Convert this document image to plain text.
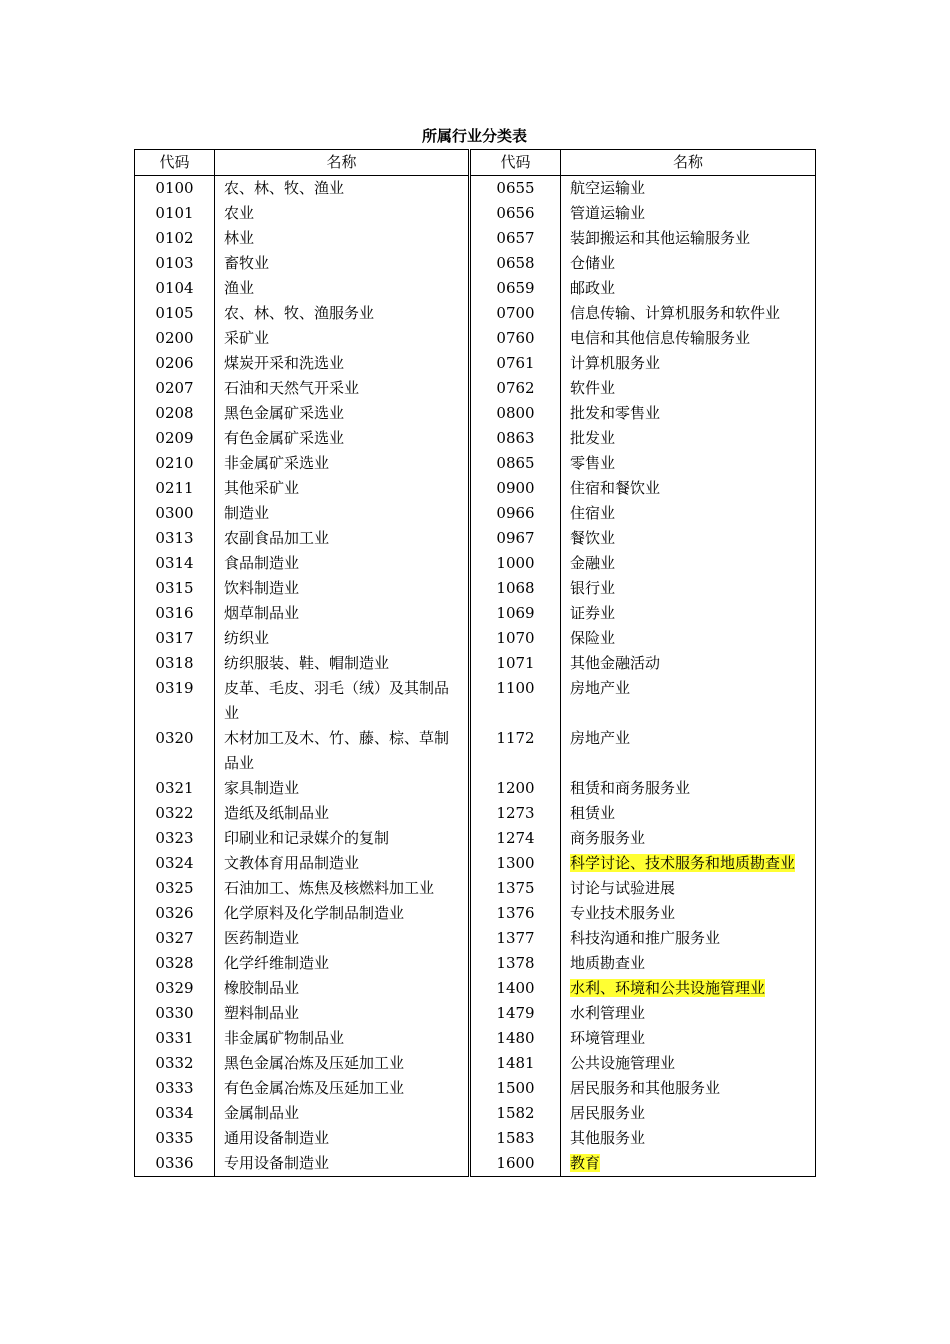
所属行业分类表
代码	名称	代码	名称
0100	农、林、牧、渔业	0655	航空运输业
0101	农业	0656	管道运输业
0102	林业	0657	装卸搬运和其他运输服务业
0103	畜牧业	0658	仓储业
0104	渔业	0659	邮政业
0105	农、林、牧、渔服务业	0700	信息传输、计算机服务和软件业
0200	采矿业	0760	电信和其他信息传输服务业
0206	煤炭开采和洗选业	0761	计算机服务业
0207	石油和天然气开采业	0762	软件业
0208	黑色金属矿采选业	0800	批发和零售业
0209	有色金属矿采选业	0863	批发业
0210	非金属矿采选业	0865	零售业
0211	其他采矿业	0900	住宿和餐饮业
0300	制造业	0966	住宿业
0313	农副食品加工业	0967	餐饮业
0314	食品制造业	1000	金融业
0315	饮料制造业	1068	银行业
0316	烟草制品业	1069	证券业
0317	纺织业	1070	保险业
0318	纺织服装、鞋、帽制造业	1071	其他金融活动
0319	皮革、毛皮、羽毛（绒）及其制品业	1100	房地产业
0320	木材加工及木、竹、藤、棕、草制品业	1172	房地产业
0321	家具制造业	1200	租赁和商务服务业
0322	造纸及纸制品业	1273	租赁业
0323	印刷业和记录媒介的复制	1274	商务服务业
0324	文教体育用品制造业	1300	科学讨论、技术服务和地质勘查业
0325	石油加工、炼焦及核燃料加工业	1375	讨论与试验进展
0326	化学原料及化学制品制造业	1376	专业技术服务业
0327	医药制造业	1377	科技沟通和推广服务业
0328	化学纤维制造业	1378	地质勘查业
0329	橡胶制品业	1400	水利、环境和公共设施管理业
0330	塑料制品业	1479	水利管理业
0331	非金属矿物制品业	1480	环境管理业
0332	黑色金属冶炼及压延加工业	1481	公共设施管理业
0333	有色金属冶炼及压延加工业	1500	居民服务和其他服务业
0334	金属制品业	1582	居民服务业
0335	通用设备制造业	1583	其他服务业
0336	专用设备制造业	1600	教育
